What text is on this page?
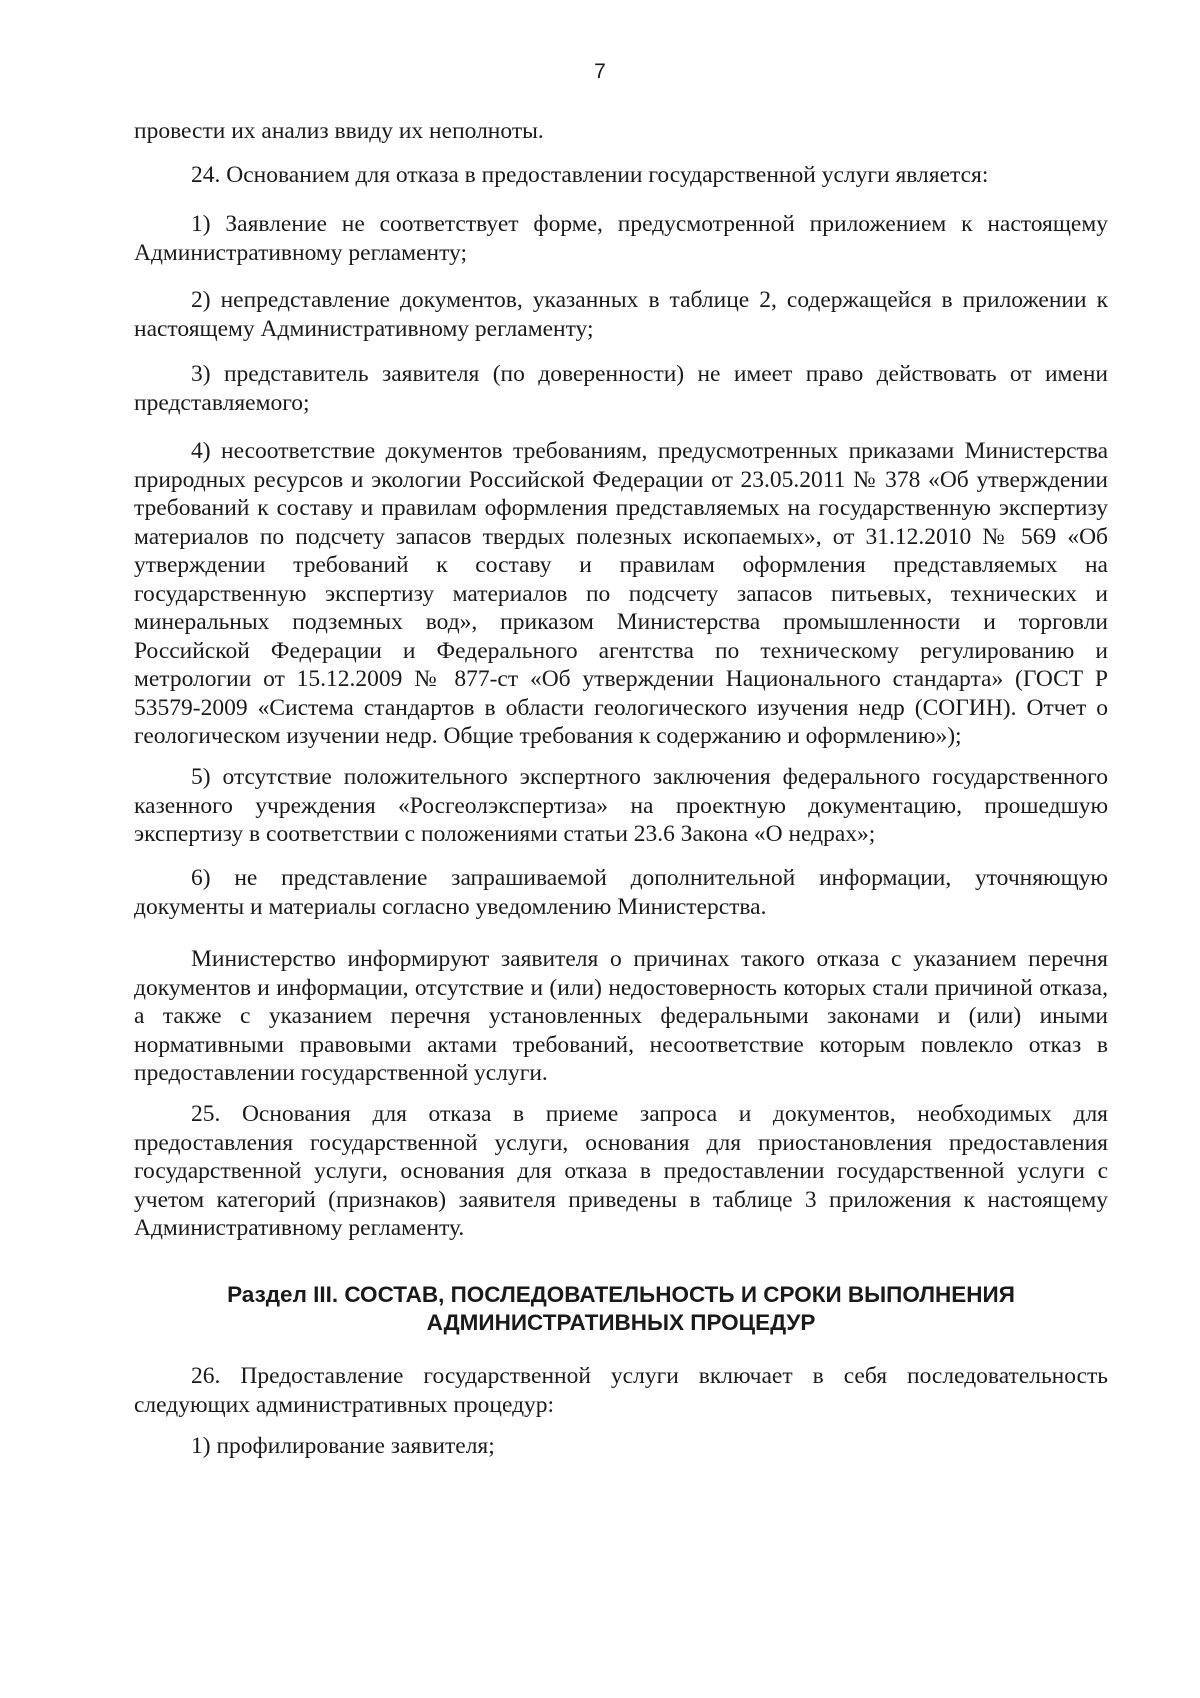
7

провести их анализ ввиду их неполноты.

24. Основанием для отказа в предоставлении государственной услуги является:

1) Заявление не соответствует форме, предусмотренной приложением к настоящему Административному регламенту;

2) непредставление документов, указанных в таблице 2, содержащейся в приложении к настоящему Административному регламенту;

3) представитель заявителя (по доверенности) не имеет право действовать от имени представляемого;

4) несоответствие документов требованиям, предусмотренных приказами Министерства природных ресурсов и экологии Российской Федерации от 23.05.2011 № 378 «Об утверждении требований к составу и правилам оформления представляемых на государственную экспертизу материалов по подсчету запасов твердых полезных ископаемых», от 31.12.2010 № 569 «Об утверждении требований к составу и правилам оформления представляемых на государственную экспертизу материалов по подсчету запасов питьевых, технических и минеральных подземных вод», приказом Министерства промышленности и торговли Российской Федерации и Федерального агентства по техническому регулированию и метрологии от 15.12.2009 № 877-ст «Об утверждении Национального стандарта» (ГОСТ Р 53579-2009 «Система стандартов в области геологического изучения недр (СОГИН). Отчет о геологическом изучении недр. Общие требования к содержанию и оформлению»);

5) отсутствие положительного экспертного заключения федерального государственного казенного учреждения «Росгеолэкспертиза» на проектную документацию, прошедшую экспертизу в соответствии с положениями статьи 23.6 Закона «О недрах»;

6) не представление запрашиваемой дополнительной информации, уточняющую документы и материалы согласно уведомлению Министерства.

Министерство информируют заявителя о причинах такого отказа с указанием перечня документов и информации, отсутствие и (или) недостоверность которых стали причиной отказа, а также с указанием перечня установленных федеральными законами и (или) иными нормативными правовыми актами требований, несоответствие которым повлекло отказ в предоставлении государственной услуги.

25. Основания для отказа в приеме запроса и документов, необходимых для предоставления государственной услуги, основания для приостановления предоставления государственной услуги, основания для отказа в предоставлении государственной услуги с учетом категорий (признаков) заявителя приведены в таблице 3 приложения к настоящему Административному регламенту.

Раздел III. СОСТАВ, ПОСЛЕДОВАТЕЛЬНОСТЬ И СРОКИ ВЫПОЛНЕНИЯ

АДМИНИСТРАТИВНЫХ ПРОЦЕДУР

26. Предоставление государственной услуги включает в себя последовательность следующих административных процедур:

1) профилирование заявителя;
